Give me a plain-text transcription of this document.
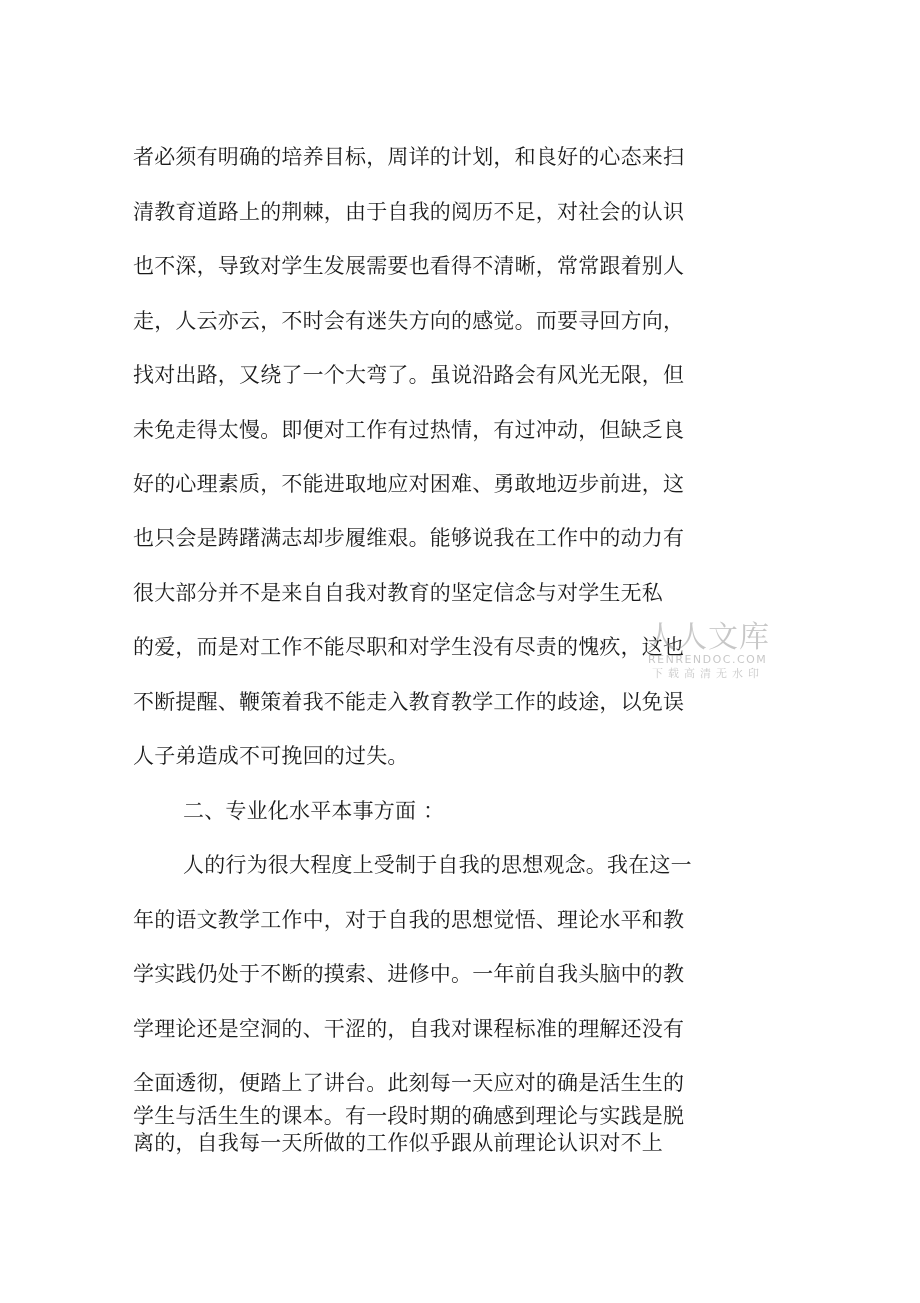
者必须有明确的培养目标，周详的计划，和良好的心态来扫
清教育道路上的荆棘，由于自我的阅历不足，对社会的认识
也不深，导致对学生发展需要也看得不清晰，常常跟着别人
走，人云亦云，不时会有迷失方向的感觉。而要寻回方向，
找对出路，又绕了一个大弯了。虽说沿路会有风光无限，但
未免走得太慢。即便对工作有过热情，有过冲动，但缺乏良
好的心理素质，不能进取地应对困难、勇敢地迈步前进，这
也只会是踌躇满志却步履维艰。能够说我在工作中的动力有
很大部分并不是来自自我对教育的坚定信念与对学生无私
的爱，而是对工作不能尽职和对学生没有尽责的愧疚，这也
不断提醒、鞭策着我不能走入教育教学工作的歧途，以免误
人子弟造成不可挽回的过失。
二、专业化水平本事方面 ：
人的行为很大程度上受制于自我的思想观念。我在这一
年的语文教学工作中，对于自我的思想觉悟、理论水平和教
学实践仍处于不断的摸索、进修中。一年前自我头脑中的教
学理论还是空洞的、干涩的，自我对课程标准的理解还没有
全面透彻，便踏上了讲台。此刻每一天应对的确是活生生的
学生与活生生的课本。有一段时期的确感到理论与实践是脱
离的，自我每一天所做的工作似乎跟从前理论认识对不上
人人文库
RENRENDOC.COM
下载高清无水印
